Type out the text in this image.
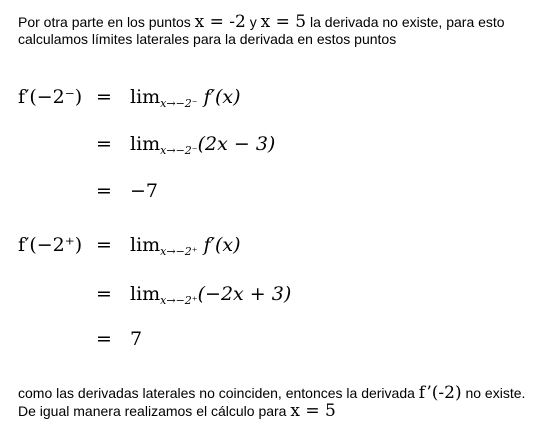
Por otra parte en los puntos x = -2 y x = 5 la derivada no existe, para esto
calculamos límites laterales para la derivada en estos puntos
$f'(-2^-) = \lim_{x\to-2^-} f'(x)$
= $\lim_{x\to-2^-}(2x - 3)$
= −7
$f'(-2^+) = \lim_{x\to-2^+} f'(x)$
= $\lim_{x\to-2^+}(-2x + 3)$
= 7
como las derivadas laterales no coinciden, entonces la derivada f’(-2) no existe.
De igual manera realizamos el cálculo para x = 5
